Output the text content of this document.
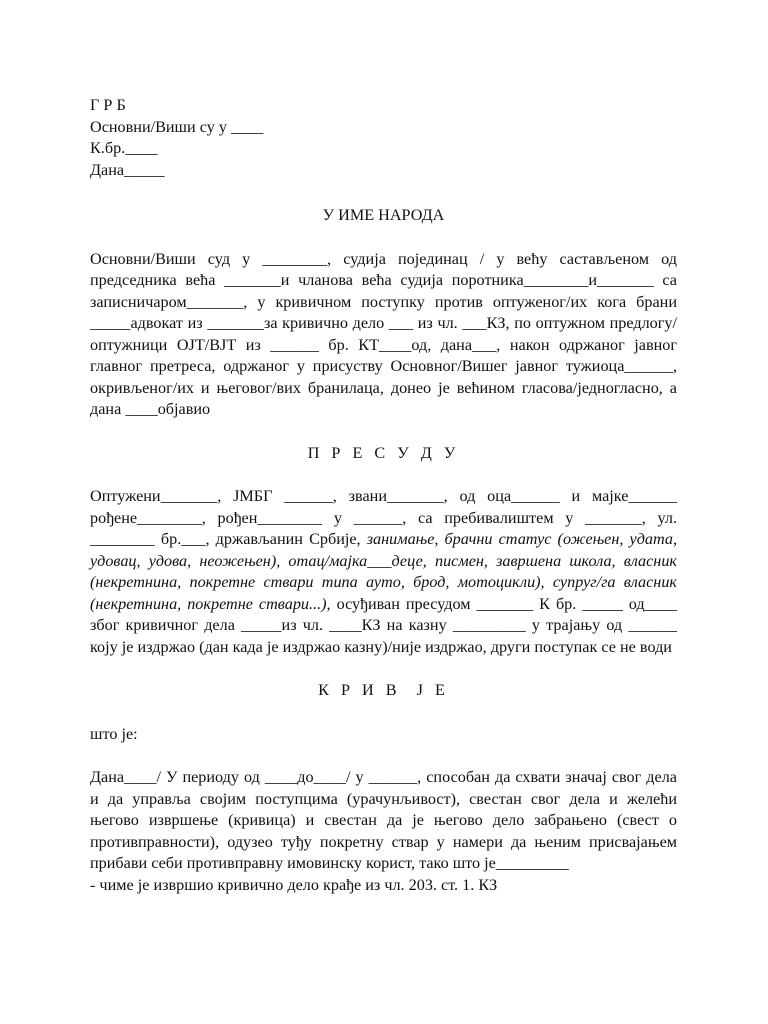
Г Р Б
Основни/Виши су у ____
К.бр.____
Дана_____

У ИМЕ НАРОДА

Основни/Виши суд у ________, судија појединац / у већу састављеном од председника већа _______и чланова већа судија поротника________и_______ са записничаром_______, у кривичном поступку против оптуженог/их кога брани _____адвокат из _______за кривично дело ___ из чл. ___КЗ, по оптужном предлогу/оптужници ОЈТ/ВЈТ из ______ бр. КТ____од, дана___, након одржаног јавног главног претреса, одржаног у присуству Основног/Вишег јавног тужиоца______, окривљеног/их и његовог/вих бранилаца, донео је већином гласова/једногласно, а дана ____објавио

П Р Е С У Д У

Оптужени_______, ЈМБГ ______, звани_______, од оца______ и мајке______ рођене________, рођен________ у ______, са пребивалиштем у _______, ул. ________ бр.___, држављанин Србије, занимање, брачни статус (ожењен, удата, удовац, удова, неожењен), отац/мајка___деце, писмен, завршена школа, власник (некретнина, покретне ствари типа ауто, брод, мотоцикли), супруг/га власник (некретнина, покретне ствари...), осуђиван пресудом _______ К бр. _____ од____ због кривичног дела _____из чл. ____КЗ на казну _________ у трајању од ______ коју је издржао (дан када је издржао казну)/није издржао, други поступак се не води

К Р И В  Ј Е

што је:

Дана____/ У периоду од ____до____/ у ______, способан да схвати значај свог дела и да управља својим поступцима (урачунљивост), свестан свог дела и желећи његово извршење (кривица) и свестан да је његово дело забрањено (свест о противправности), одузео туђу покретну ствар у намери да њеним присвајањем прибави себи противправну имовинску корист, тако што је_________

- чиме је извршио кривично дело крађе из чл. 203. ст. 1. КЗ
